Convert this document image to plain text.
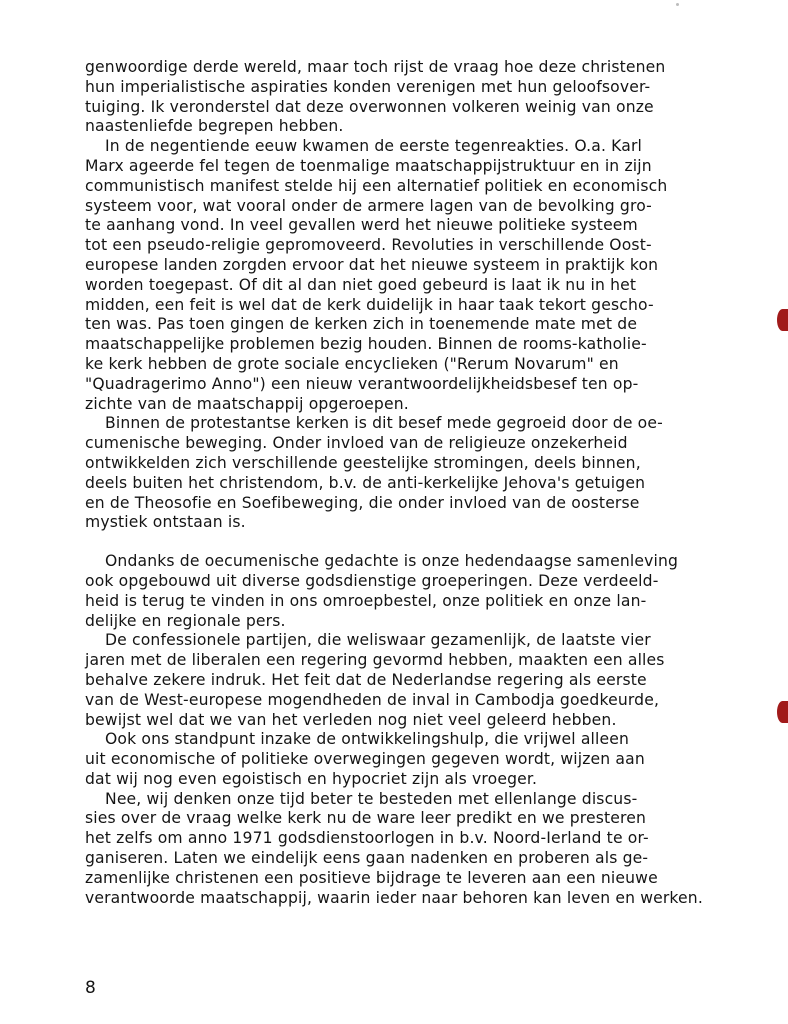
genwoordige derde wereld, maar toch rijst de vraag hoe deze christenen
hun imperialistische aspiraties konden verenigen met hun geloofsover-
tuiging. Ik veronderstel dat deze overwonnen volkeren weinig van onze
naastenliefde begrepen hebben.
In de negentiende eeuw kwamen de eerste tegenreakties. O.a. Karl
Marx ageerde fel tegen de toenmalige maatschappijstruktuur en in zijn
communistisch manifest stelde hij een alternatief politiek en economisch
systeem voor, wat vooral onder de armere lagen van de bevolking gro-
te aanhang vond. In veel gevallen werd het nieuwe politieke systeem
tot een pseudo-religie gepromoveerd. Revoluties in verschillende Oost-
europese landen zorgden ervoor dat het nieuwe systeem in praktijk kon
worden toegepast. Of dit al dan niet goed gebeurd is laat ik nu in het
midden, een feit is wel dat de kerk duidelijk in haar taak tekort gescho-
ten was. Pas toen gingen de kerken zich in toenemende mate met de
maatschappelijke problemen bezig houden. Binnen de rooms-katholie-
ke kerk hebben de grote sociale encyclieken ("Rerum Novarum" en
"Quadragerimo Anno") een nieuw verantwoordelijkheidsbesef ten op-
zichte van de maatschappij opgeroepen.
Binnen de protestantse kerken is dit besef mede gegroeid door de oe-
cumenische beweging. Onder invloed van de religieuze onzekerheid
ontwikkelden zich verschillende geestelijke stromingen, deels binnen,
deels buiten het christendom, b.v. de anti-kerkelijke Jehova's getuigen
en de Theosofie en Soefibeweging, die onder invloed van de oosterse
mystiek ontstaan is.
Ondanks de oecumenische gedachte is onze hedendaagse samenleving
ook opgebouwd uit diverse godsdienstige groeperingen. Deze verdeeld-
heid is terug te vinden in ons omroepbestel, onze politiek en onze lan-
delijke en regionale pers.
De confessionele partijen, die weliswaar gezamenlijk, de laatste vier
jaren met de liberalen een regering gevormd hebben, maakten een alles
behalve zekere indruk. Het feit dat de Nederlandse regering als eerste
van de West-europese mogendheden de inval in Cambodja goedkeurde,
bewijst wel dat we van het verleden nog niet veel geleerd hebben.
Ook ons standpunt inzake de ontwikkelingshulp, die vrijwel alleen
uit economische of politieke overwegingen gegeven wordt, wijzen aan
dat wij nog even egoistisch en hypocriet zijn als vroeger.
Nee, wij denken onze tijd beter te besteden met ellenlange discus-
sies over de vraag welke kerk nu de ware leer predikt en we presteren
het zelfs om anno 1971 godsdienstoorlogen in b.v. Noord-Ierland te or-
ganiseren. Laten we eindelijk eens gaan nadenken en proberen als ge-
zamenlijke christenen een positieve bijdrage te leveren aan een nieuwe
verantwoorde maatschappij, waarin ieder naar behoren kan leven en werken.
8
